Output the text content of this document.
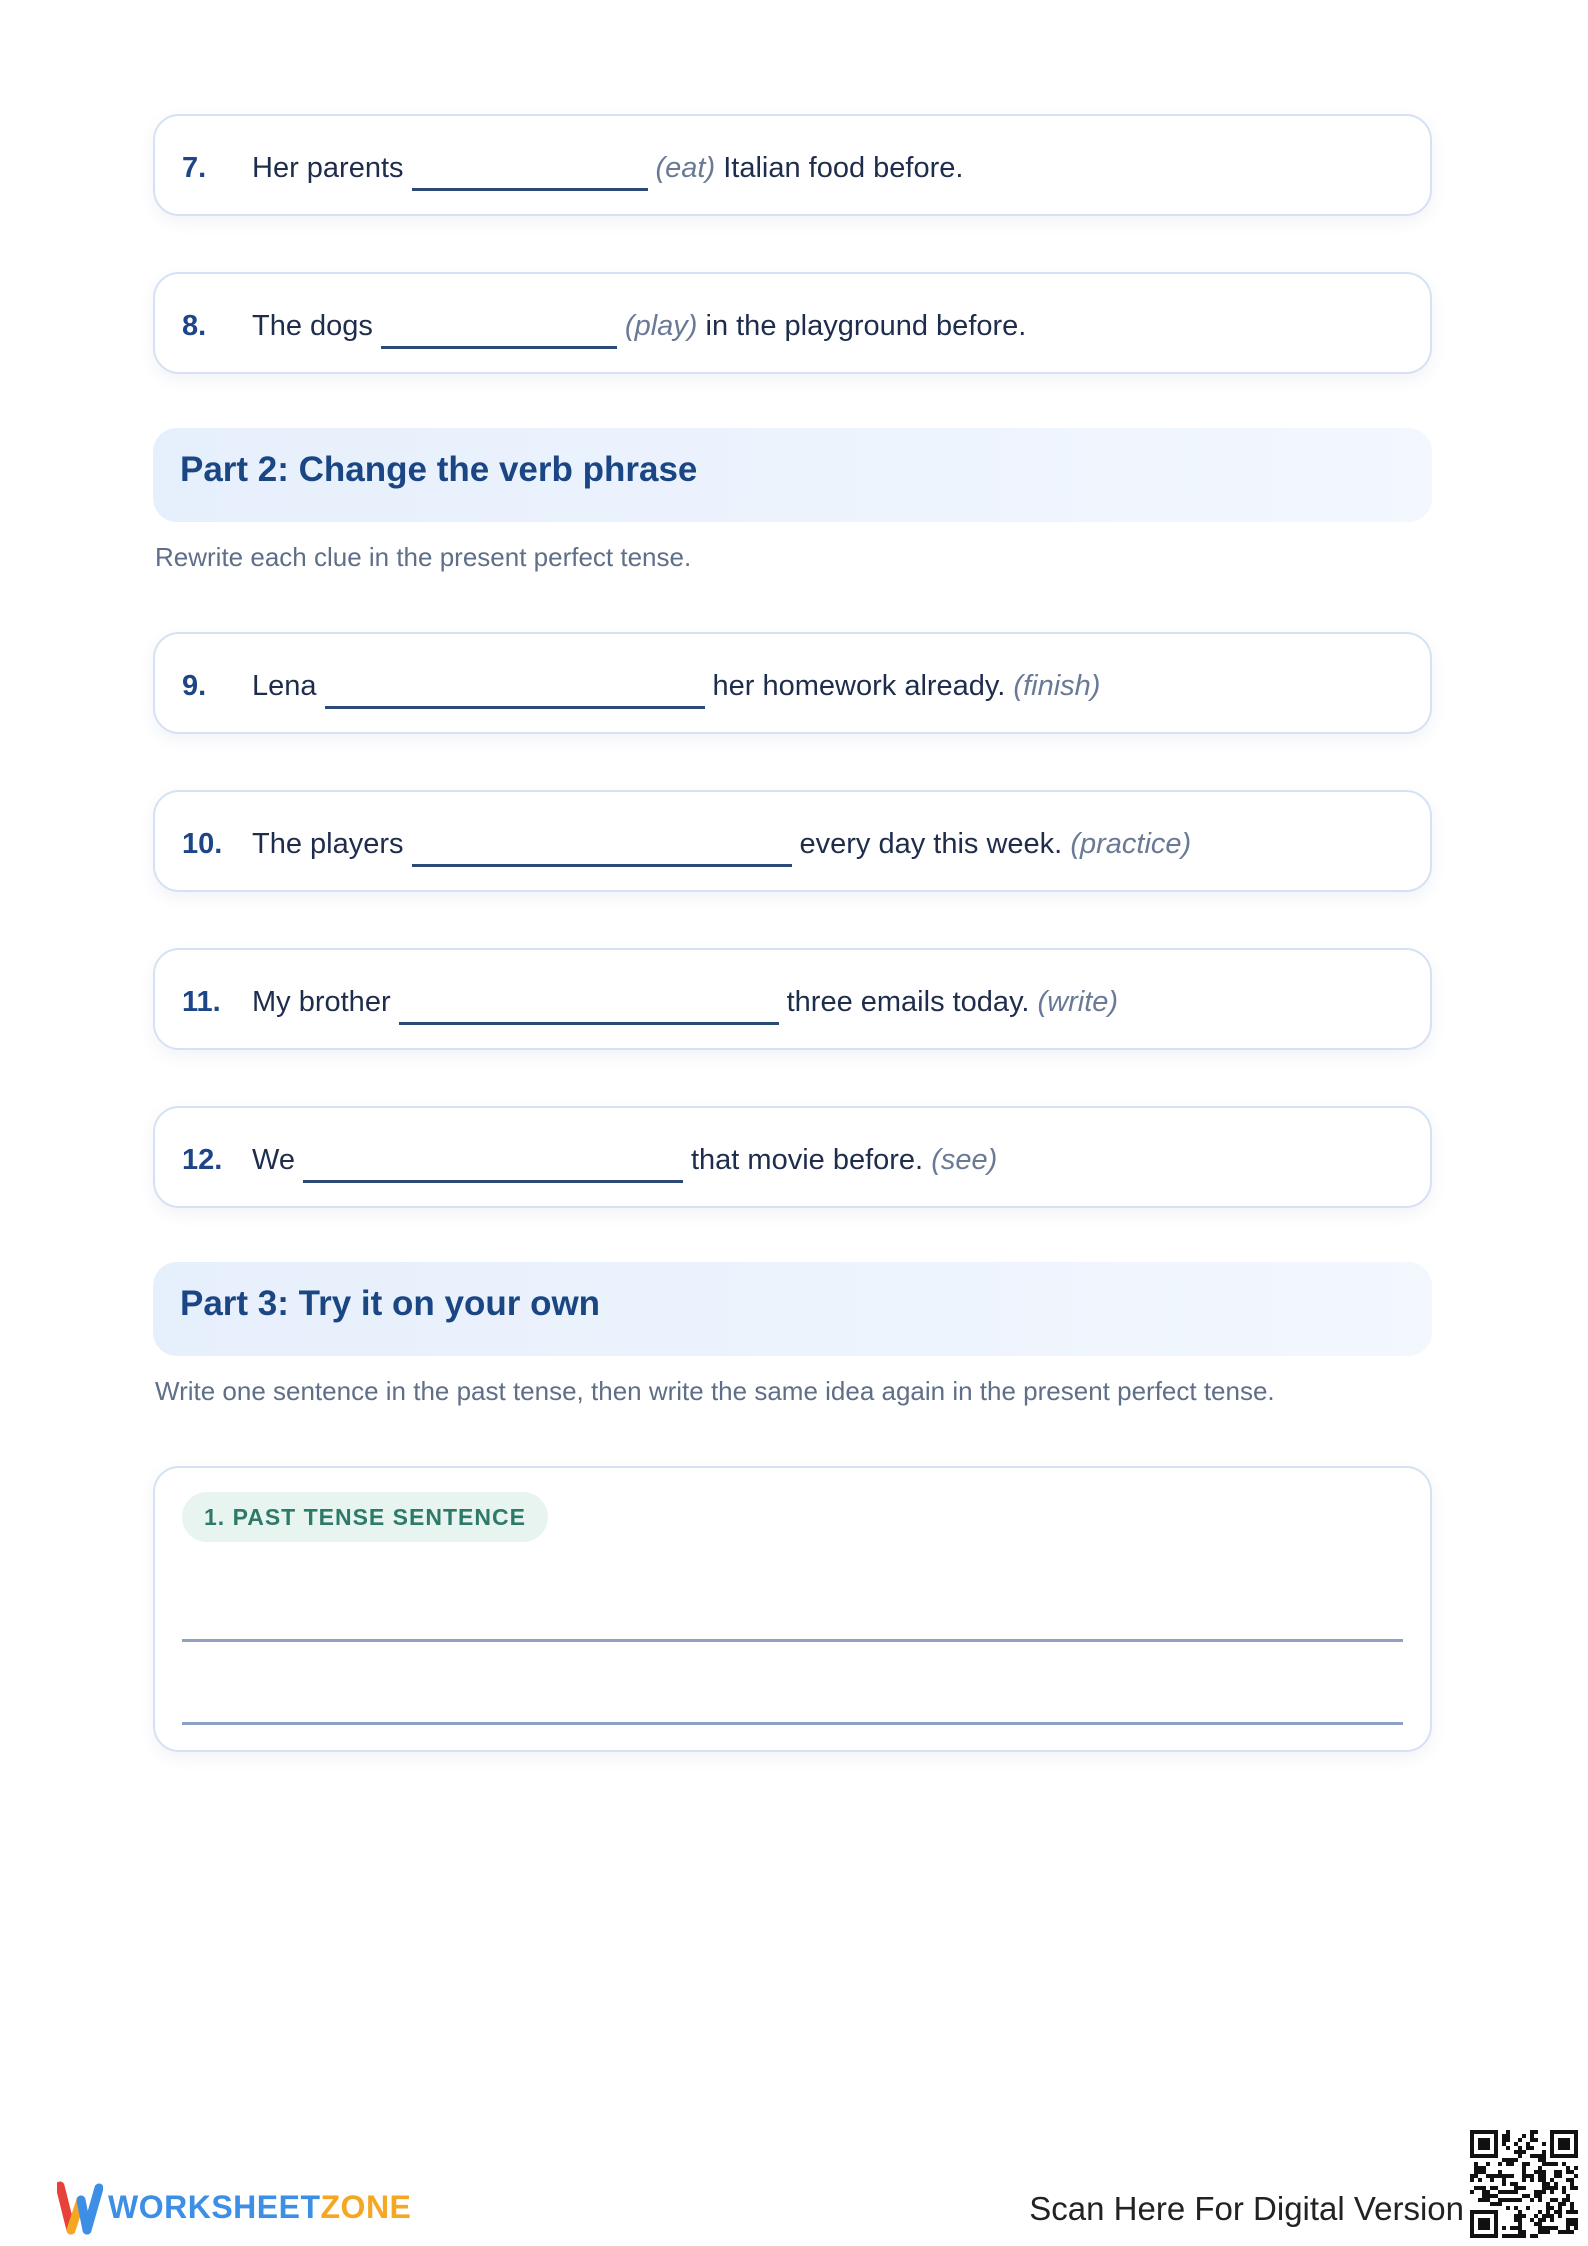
7. Her parents	(eat) Italian food before.
8. The dogs	(play) in the playground before.
Part 2: Change the verb phrase
Rewrite each clue in the present perfect tense.
9. Lena	her homework already. (finish)
10. The players	every day this week. (practice)
11. My brother	three emails today. (write)
12. We	that movie before. (see)
Part 3: Try it on your own
Write one sentence in the past tense, then write the same idea again in the present perfect tense.
1. PAST TENSE SENTENCE
WORKSHEETZONE	Scan Here For Digital Version
